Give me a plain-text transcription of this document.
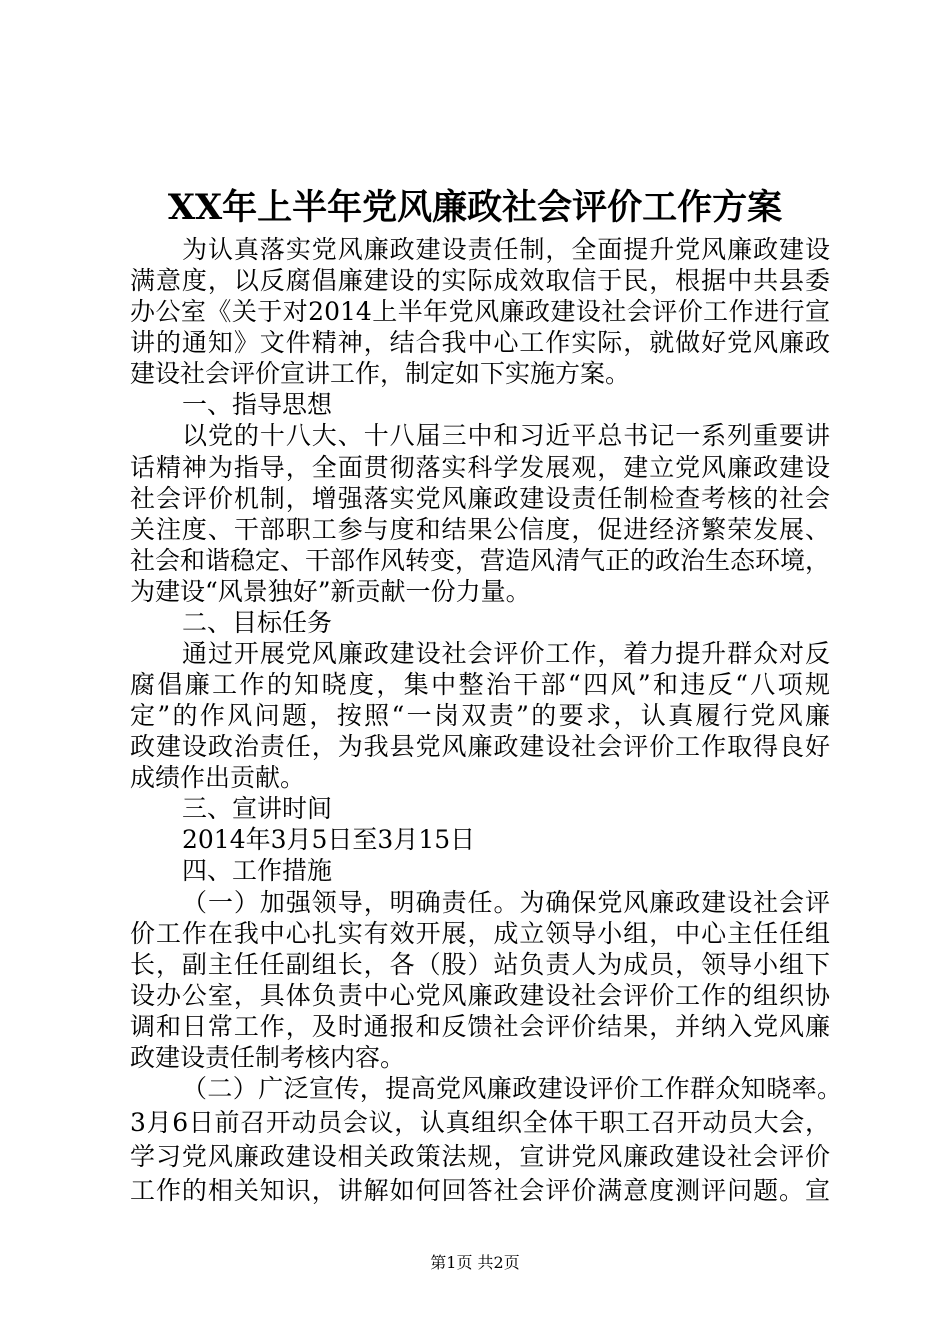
XX年上半年党风廉政社会评价工作方案
为认真落实党风廉政建设责任制，全面提升党风廉政建设
满意度，以反腐倡廉建设的实际成效取信于民，根据中共县委
办公室《关于对2014上半年党风廉政建设社会评价工作进行宣
讲的通知》文件精神，结合我中心工作实际，就做好党风廉政
建设社会评价宣讲工作，制定如下实施方案。
一、指导思想
以党的十八大、十八届三中和习近平总书记一系列重要讲
话精神为指导，全面贯彻落实科学发展观，建立党风廉政建设
社会评价机制，增强落实党风廉政建设责任制检查考核的社会
关注度、干部职工参与度和结果公信度，促进经济繁荣发展、
社会和谐稳定、干部作风转变，营造风清气正的政治生态环境，
为建设“风景独好”新贡献一份力量。
二、目标任务
通过开展党风廉政建设社会评价工作，着力提升群众对反
腐倡廉工作的知晓度，集中整治干部“四风”和违反“八项规
定”的作风问题，按照“一岗双责”的要求，认真履行党风廉
政建设政治责任，为我县党风廉政建设社会评价工作取得良好
成绩作出贡献。
三、宣讲时间
2014年3月5日至3月15日
四、工作措施
（一）加强领导，明确责任。为确保党风廉政建设社会评
价工作在我中心扎实有效开展，成立领导小组，中心主任任组
长，副主任任副组长，各（股）站负责人为成员，领导小组下
设办公室，具体负责中心党风廉政建设社会评价工作的组织协
调和日常工作，及时通报和反馈社会评价结果，并纳入党风廉
政建设责任制考核内容。
（二）广泛宣传，提高党风廉政建设评价工作群众知晓率。
3月6日前召开动员会议，认真组织全体干职工召开动员大会，
学习党风廉政建设相关政策法规，宣讲党风廉政建设社会评价
第1页 共2页
工作的相关知识，讲解如何回答社会评价满意度测评问题。宣
